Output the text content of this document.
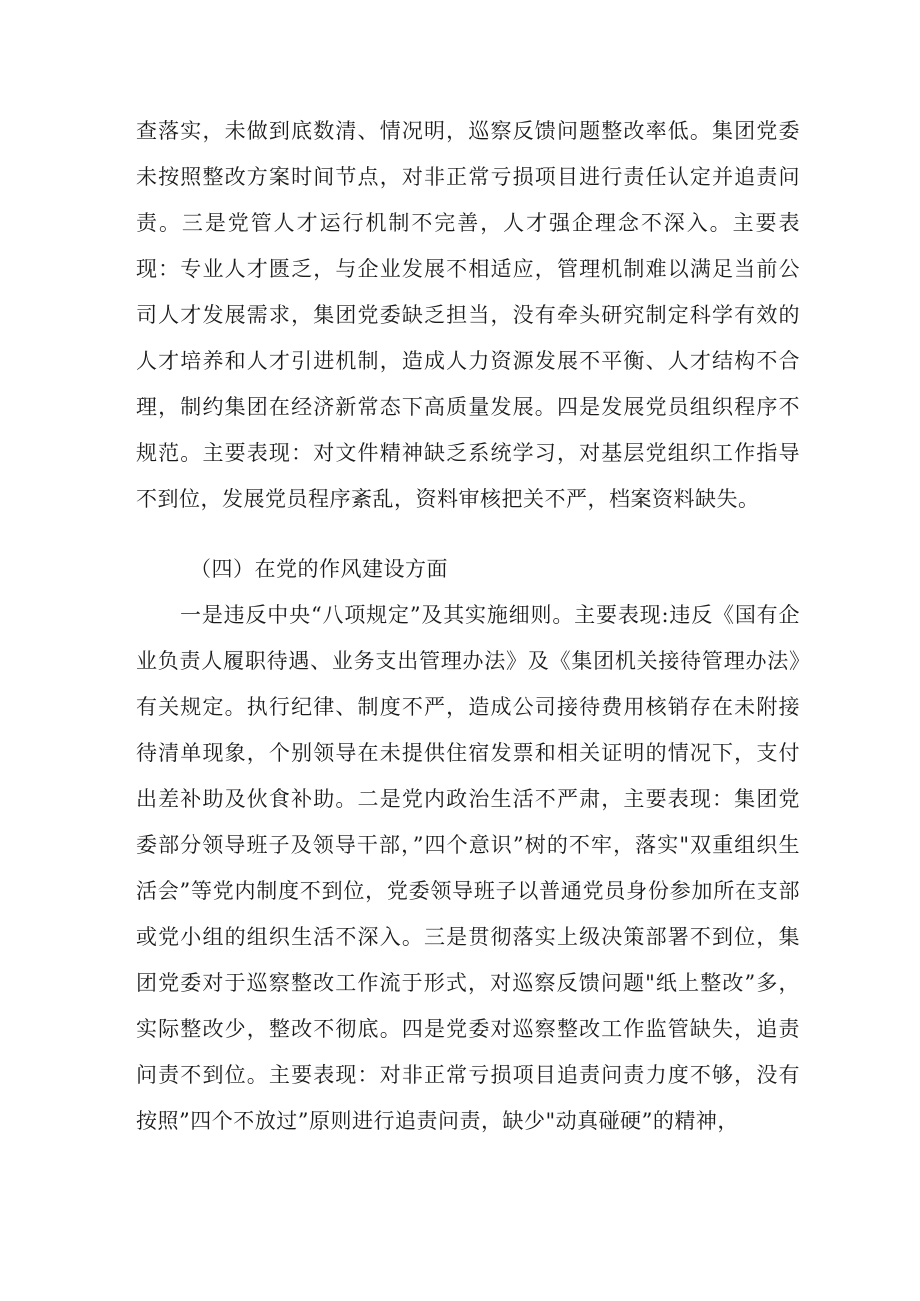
查落实，未做到底数清、情况明，巡察反馈问题整改率低。集团党委未按照整改方案时间节点，对非正常亏损项目进行责任认定并追责问责。三是党管人才运行机制不完善，人才强企理念不深入。主要表现：专业人才匮乏，与企业发展不相适应，管理机制难以满足当前公司人才发展需求，集团党委缺乏担当，没有牵头研究制定科学有效的人才培养和人才引进机制，造成人力资源发展不平衡、人才结构不合理，制约集团在经济新常态下高质量发展。四是发展党员组织程序不规范。主要表现：对文件精神缺乏系统学习，对基层党组织工作指导不到位，发展党员程序紊乱，资料审核把关不严，档案资料缺失。
（四）在党的作风建设方面
一是违反中央“八项规定”及其实施细则。主要表现:违反《国有企业负责人履职待遇、业务支出管理办法》及《集团机关接待管理办法》有关规定。执行纪律、制度不严，造成公司接待费用核销存在未附接待清单现象，个别领导在未提供住宿发票和相关证明的情况下，支付出差补助及伙食补助。二是党内政治生活不严肃，主要表现：集团党委部分领导班子及领导干部，”四个意识”树的不牢，落实"双重组织生活会”等党内制度不到位，党委领导班子以普通党员身份参加所在支部或党小组的组织生活不深入。三是贯彻落实上级决策部署不到位，集团党委对于巡察整改工作流于形式，对巡察反馈问题"纸上整改”多，实际整改少，整改不彻底。四是党委对巡察整改工作监管缺失，追责问责不到位。主要表现：对非正常亏损项目追责问责力度不够，没有按照”四个不放过”原则进行追责问责，缺少"动真碰硬”的精神，
